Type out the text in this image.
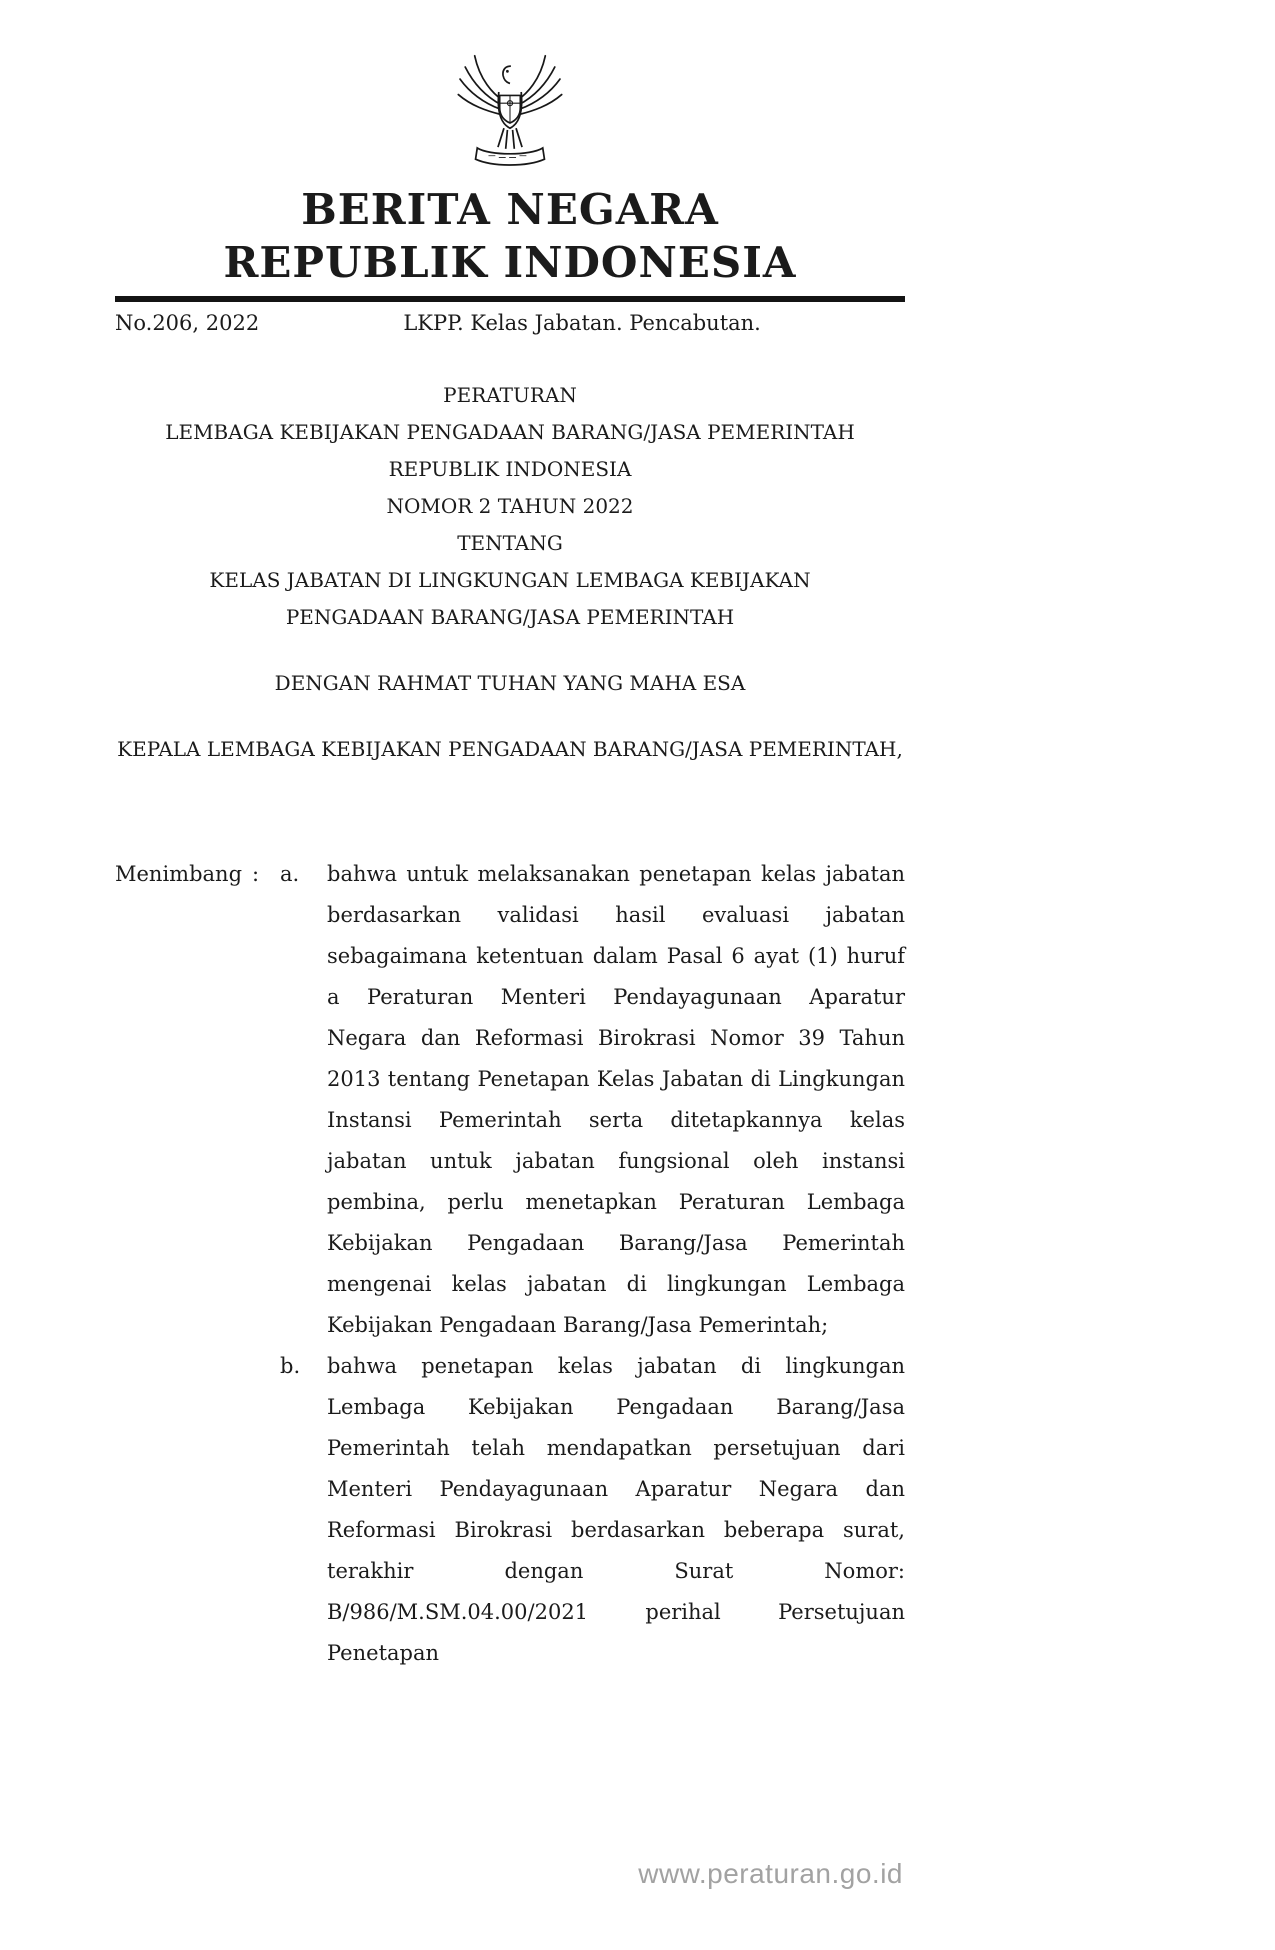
BERITA NEGARA
REPUBLIK INDONESIA
No.206, 2022	LKPP. Kelas Jabatan. Pencabutan.
PERATURAN
LEMBAGA KEBIJAKAN PENGADAAN BARANG/JASA PEMERINTAH
REPUBLIK INDONESIA
NOMOR 2 TAHUN 2022
TENTANG
KELAS JABATAN DI LINGKUNGAN LEMBAGA KEBIJAKAN
PENGADAAN BARANG/JASA PEMERINTAH
DENGAN RAHMAT TUHAN YANG MAHA ESA
KEPALA LEMBAGA KEBIJAKAN PENGADAAN BARANG/JASA PEMERINTAH,
Menimbang : a.	bahwa untuk melaksanakan penetapan kelas jabatan berdasarkan validasi hasil evaluasi jabatan sebagaimana ketentuan dalam Pasal 6 ayat (1) huruf a Peraturan Menteri Pendayagunaan Aparatur Negara dan Reformasi Birokrasi Nomor 39 Tahun 2013 tentang Penetapan Kelas Jabatan di Lingkungan Instansi Pemerintah serta ditetapkannya kelas jabatan untuk jabatan fungsional oleh instansi pembina, perlu menetapkan Peraturan Lembaga Kebijakan Pengadaan Barang/Jasa Pemerintah mengenai kelas jabatan di lingkungan Lembaga Kebijakan Pengadaan Barang/Jasa Pemerintah;
b.	bahwa penetapan kelas jabatan di lingkungan Lembaga Kebijakan Pengadaan Barang/Jasa Pemerintah telah mendapatkan persetujuan dari Menteri Pendayagunaan Aparatur Negara dan Reformasi Birokrasi berdasarkan beberapa surat, terakhir dengan Surat Nomor: B/986/M.SM.04.00/2021 perihal Persetujuan Penetapan
www.peraturan.go.id
